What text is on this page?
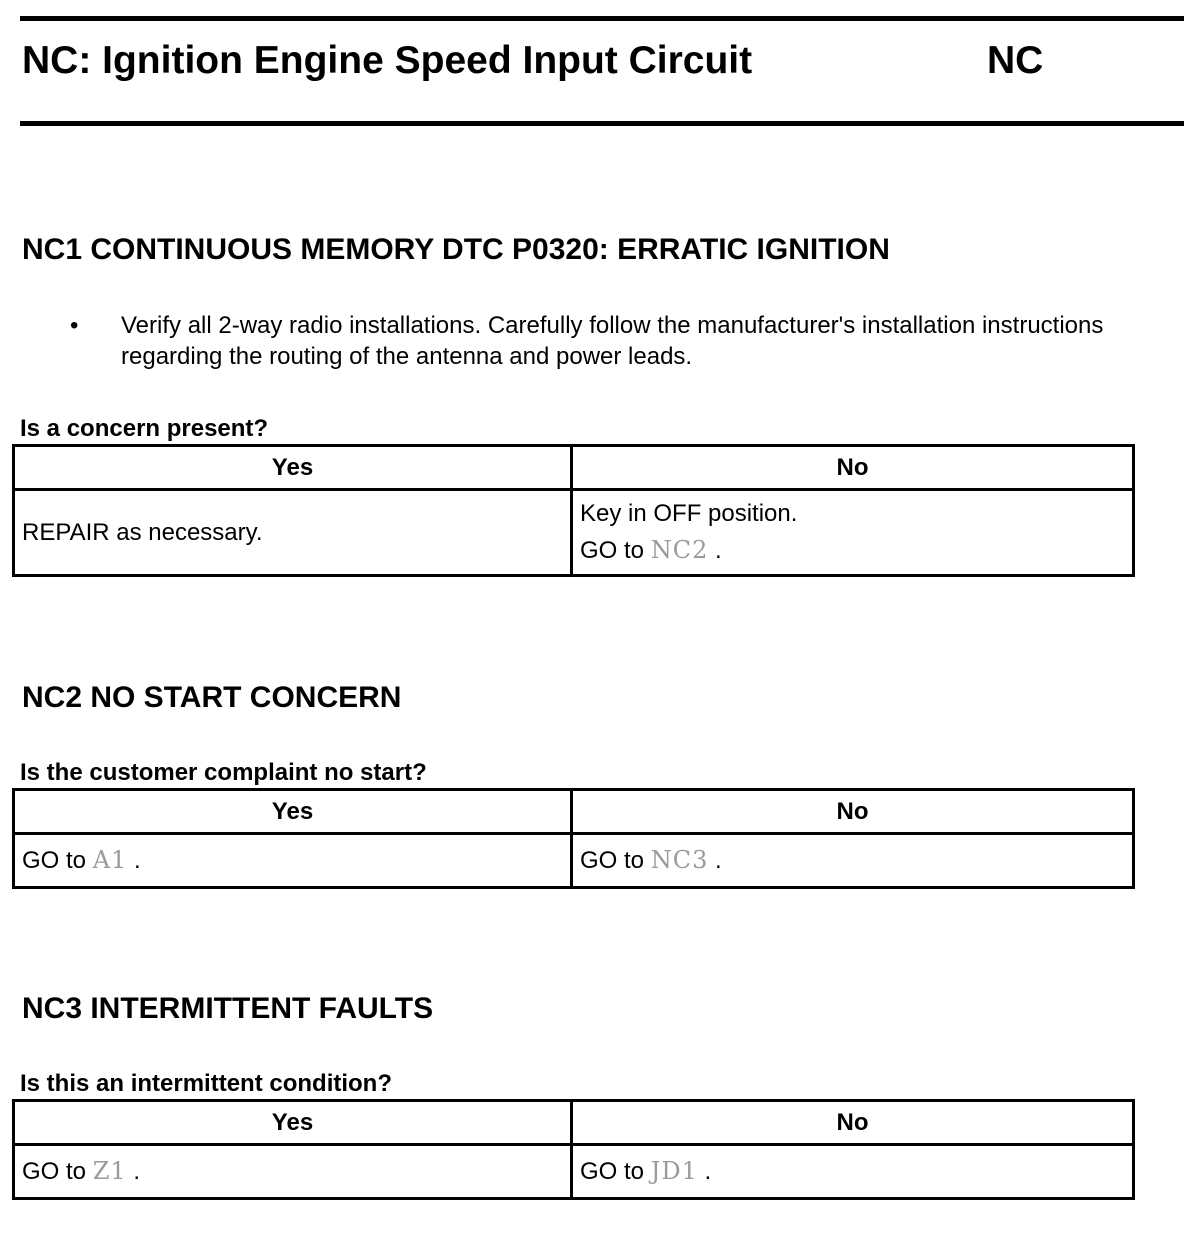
NC: Ignition Engine Speed Input Circuit	NC
NC1 CONTINUOUS MEMORY DTC P0320: ERRATIC IGNITION
• Verify all 2-way radio installations. Carefully follow the manufacturer's installation instructions regarding the routing of the antenna and power leads.
Is a concern present?
Yes	No
REPAIR as necessary.	Key in OFF position.
GO to NC2 .
NC2 NO START CONCERN
Is the customer complaint no start?
Yes	No
GO to A1 .	GO to NC3 .
NC3 INTERMITTENT FAULTS
Is this an intermittent condition?
Yes	No
GO to Z1 .	GO to JD1 .
